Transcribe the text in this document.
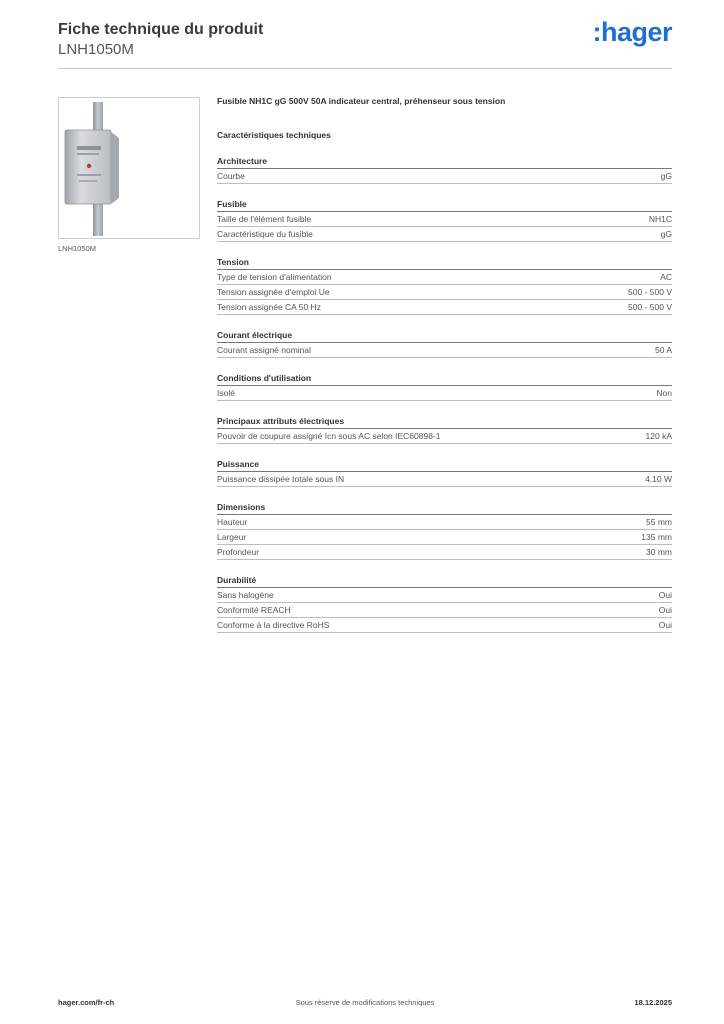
Fiche technique du produit
LNH1050M
:hager
LNH1050M
Fusible NH1C gG 500V 50A indicateur central, préhenseur sous tension
Caractéristiques techniques
Architecture
Courbe	gG
Fusible
Taille de l'élément fusible	NH1C
Caractéristique du fusible	gG
Tension
Type de tension d'alimentation	AC
Tension assignée d'emploi Ue	500 - 500 V
Tension assignée CA 50 Hz	500 - 500 V
Courant électrique
Courant assigné nominal	50 A
Conditions d'utilisation
Isolé	Non
Principaux attributs électriques
Pouvoir de coupure assigné Icn sous AC selon IEC60898-1	120 kA
Puissance
Puissance dissipée totale sous IN	4.10 W
Dimensions
Hauteur	55 mm
Largeur	135 mm
Profondeur	30 mm
Durabilité
Sans halogène	Oui
Conformité REACH	Oui
Conforme à la directive RoHS	Oui
hager.com/fr-ch	Sous réserve de modifications techniques	18.12.2025
